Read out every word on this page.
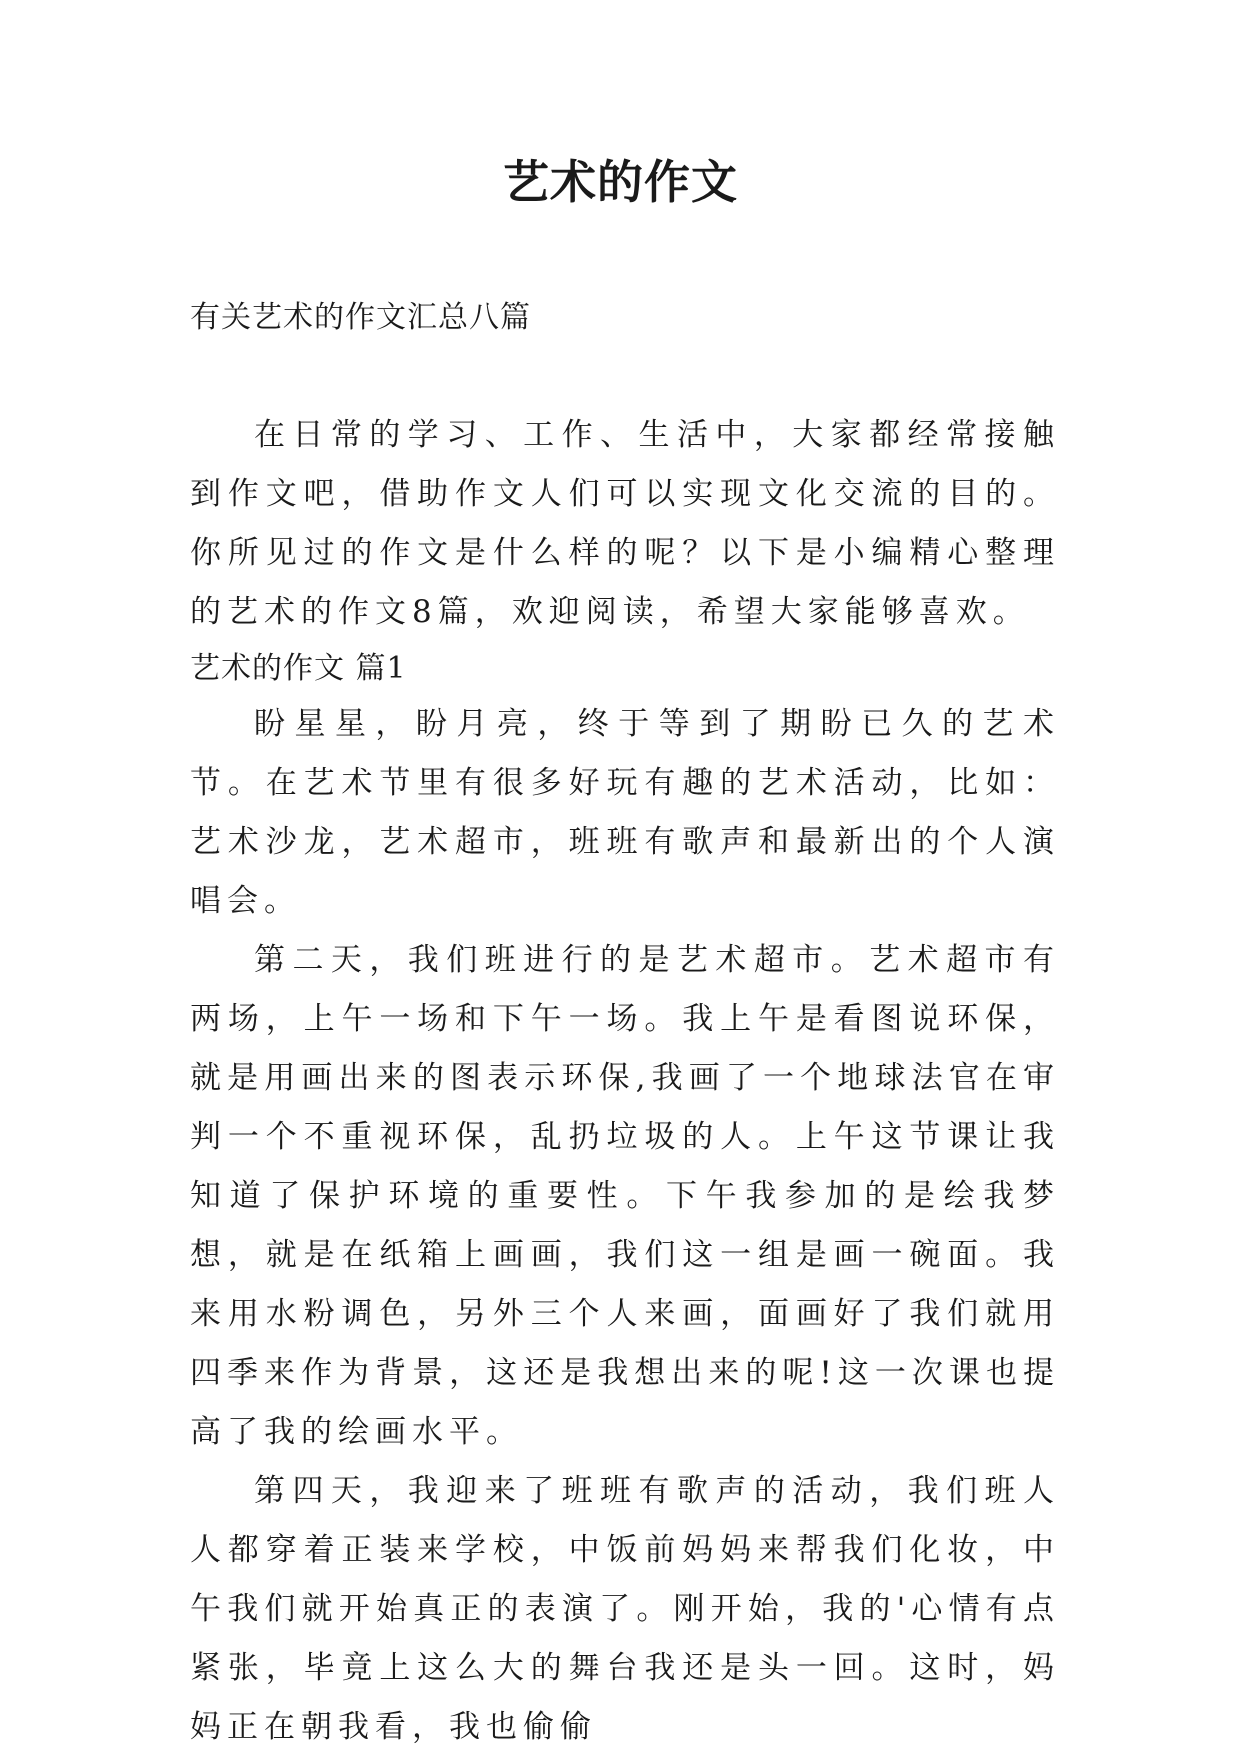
艺术的作文
有关艺术的作文汇总八篇

在日常的学习、工作、生活中，大家都经常接触到作文吧，借助作文人们可以实现文化交流的目的。你所见过的作文是什么样的呢？以下是小编精心整理的艺术的作文8篇，欢迎阅读，希望大家能够喜欢。

艺术的作文 篇1

盼星星，盼月亮，终于等到了期盼已久的艺术节。在艺术节里有很多好玩有趣的艺术活动，比如：艺术沙龙，艺术超市，班班有歌声和最新出的个人演唱会。

第二天，我们班进行的是艺术超市。艺术超市有两场，上午一场和下午一场。我上午是看图说环保，就是用画出来的图表示环保,我画了一个地球法官在审判一个不重视环保，乱扔垃圾的人。上午这节课让我知道了保护环境的重要性。下午我参加的是绘我梦想，就是在纸箱上画画，我们这一组是画一碗面。我来用水粉调色，另外三个人来画，面画好了我们就用四季来作为背景，这还是我想出来的呢!这一次课也提高了我的绘画水平。

第四天，我迎来了班班有歌声的活动，我们班人人都穿着正装来学校，中饭前妈妈来帮我们化妆，中午我们就开始真正的表演了。刚开始，我的'心情有点紧张，毕竟上这么大的舞台我还是头一回。这时，妈妈正在朝我看，我也偷偷
